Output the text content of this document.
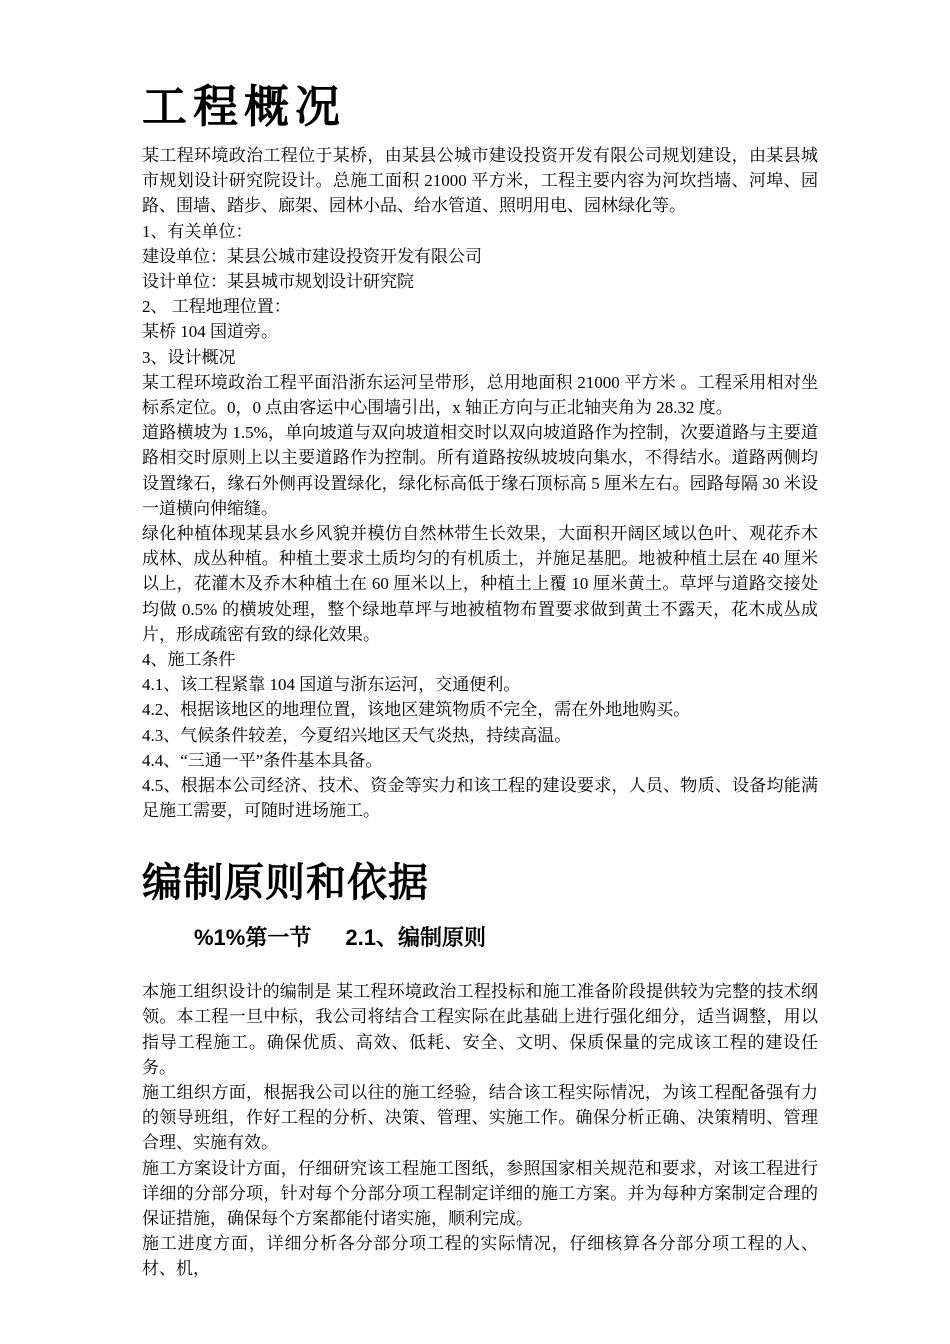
工程概况

某工程环境政治工程位于某桥，由某县公城市建设投资开发有限公司规划建设，由某县城市规划设计研究院设计。总施工面积 21000 平方米，工程主要内容为河坎挡墙、河埠、园路、围墙、踏步、廊架、园林小品、给水管道、照明用电、园林绿化等。

1、有关单位：

建设单位：某县公城市建设投资开发有限公司

设计单位：某县城市规划设计研究院

2、 工程地理位置：

某桥 104 国道旁。

3、设计概况

某工程环境政治工程平面沿浙东运河呈带形，总用地面积 21000 平方米 。工程采用相对坐标系定位。0，0 点由客运中心围墙引出，x 轴正方向与正北轴夹角为 28.32 度。

道路横坡为 1.5%，单向坡道与双向坡道相交时以双向坡道路作为控制，次要道路与主要道路相交时原则上以主要道路作为控制。所有道路按纵坡坡向集水，不得结水。道路两侧均设置缘石，缘石外侧再设置绿化，绿化标高低于缘石顶标高 5 厘米左右。园路每隔 30 米设一道横向伸缩缝。

绿化种植体现某县水乡风貌并模仿自然林带生长效果，大面积开阔区域以色叶、观花乔木成林、成丛种植。种植土要求土质均匀的有机质土，并施足基肥。地被种植土层在 40 厘米以上，花灌木及乔木种植土在 60 厘米以上，种植土上覆 10 厘米黄土。草坪与道路交接处均做 0.5% 的横坡处理，整个绿地草坪与地被植物布置要求做到黄土不露天，花木成丛成片，形成疏密有致的绿化效果。

4、施工条件

4.1、该工程紧靠 104 国道与浙东运河，交通便利。

4.2、根据该地区的地理位置，该地区建筑物质不完全，需在外地地购买。

4.3、气候条件较差，今夏绍兴地区天气炎热，持续高温。

4.4、“三通一平”条件基本具备。

4.5、根据本公司经济、技术、资金等实力和该工程的建设要求，人员、物质、设备均能满足施工需要，可随时进场施工。

编制原则和依据
%1%第一节 2.1、编制原则

本施工组织设计的编制是 某工程环境政治工程投标和施工准备阶段提供较为完整的技术纲领。本工程一旦中标，我公司将结合工程实际在此基础上进行强化细分，适当调整，用以指导工程施工。确保优质、高效、低耗、安全、文明、保质保量的完成该工程的建设任务。

施工组织方面，根据我公司以往的施工经验，结合该工程实际情况，为该工程配备强有力的领导班组，作好工程的分析、决策、管理、实施工作。确保分析正确、决策精明、管理合理、实施有效。

施工方案设计方面，仔细研究该工程施工图纸，参照国家相关规范和要求，对该工程进行详细的分部分项，针对每个分部分项工程制定详细的施工方案。并为每种方案制定合理的保证措施，确保每个方案都能付诸实施，顺利完成。

施工进度方面，详细分析各分部分项工程的实际情况，仔细核算各分部分项工程的人、材、机，
